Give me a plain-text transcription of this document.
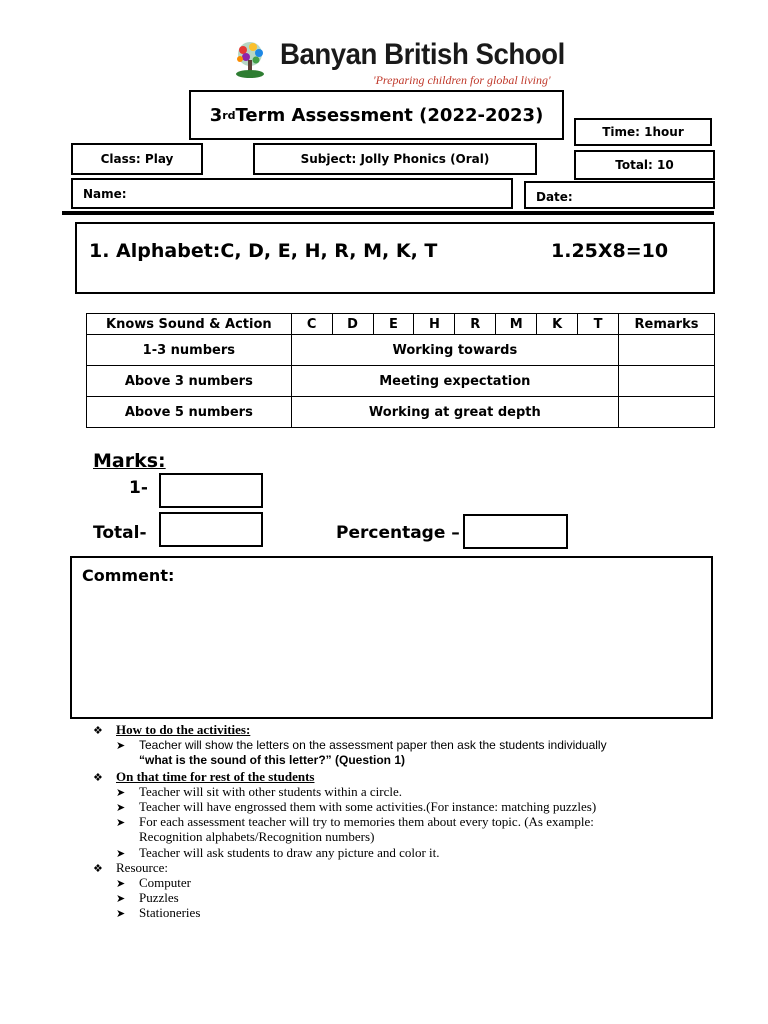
Banyan British School
'Preparing children for global living'
3 rd Term Assessment (2022-2023)
Time: 1hour
Class: Play	Subject: Jolly Phonics (Oral)	Total: 10
Name:	Date:
1. Alphabet:C, D, E, H, R, M, K, T	1.25X8=10
Knows Sound & Action	C	D	E	H	R	M	K	T	Remarks
1-3 numbers	Working towards								
Above 3 numbers	Meeting expectation								
Above 5 numbers	Working at great depth								
Marks:
1-
Total-	Percentage –
Comment:
❖ How to do the activities:
➤ Teacher will show the letters on the assessment paper then ask the students individually
“what is the sound of this letter?” (Question 1)
❖ On that time for rest of the students
➤ Teacher will sit with other students within a circle.
➤ Teacher will have engrossed them with some activities.(For instance: matching puzzles)
➤ For each assessment teacher will try to memories them about every topic. (As example:
Recognition alphabets/Recognition numbers)
➤ Teacher will ask students to draw any picture and color it.
❖ Resource:
➤ Computer
➤ Puzzles
➤ Stationeries
